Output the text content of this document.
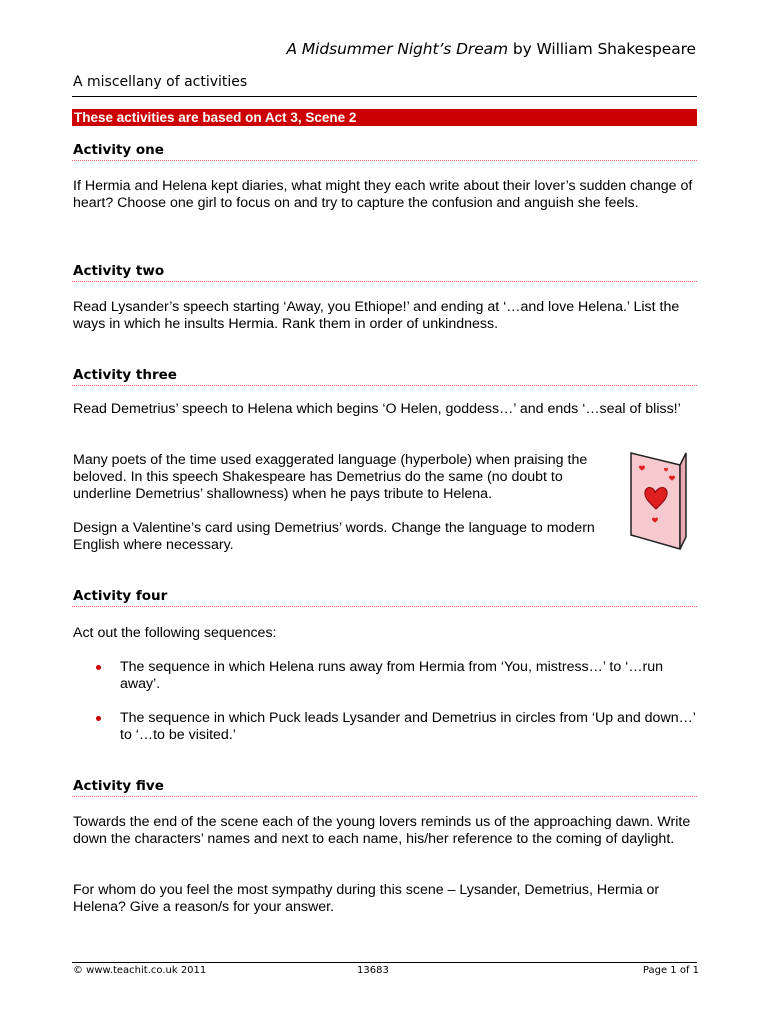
A Midsummer Night’s Dream by William Shakespeare
A miscellany of activities
These activities are based on Act 3, Scene 2
Activity one

If Hermia and Helena kept diaries, what might they each write about their lover’s sudden change of heart? Choose one girl to focus on and try to capture the confusion and anguish she feels.

Activity two

Read Lysander’s speech starting ‘Away, you Ethiope!’ and ending at ‘…and love Helena.’ List the ways in which he insults Hermia. Rank them in order of unkindness.

Activity three

Read Demetrius’ speech to Helena which begins ‘O Helen, goddess…’ and ends ‘…seal of bliss!’

Many poets of the time used exaggerated language (hyperbole) when praising the beloved. In this speech Shakespeare has Demetrius do the same (no doubt to underline Demetrius’ shallowness) when he pays tribute to Helena.

Design a Valentine’s card using Demetrius’ words. Change the language to modern English where necessary.

Activity four

Act out the following sequences:

The sequence in which Helena runs away from Hermia from ‘You, mistress…’ to ‘…run away’.
The sequence in which Puck leads Lysander and Demetrius in circles from ‘Up and down…’ to ‘…to be visited.’
Activity five

Towards the end of the scene each of the young lovers reminds us of the approaching dawn. Write down the characters’ names and next to each name, his/her reference to the coming of daylight.

For whom do you feel the most sympathy during this scene – Lysander, Demetrius, Hermia or Helena? Give a reason/s for your answer.

© www.teachit.co.uk 2011	13683	Page 1 of 1
